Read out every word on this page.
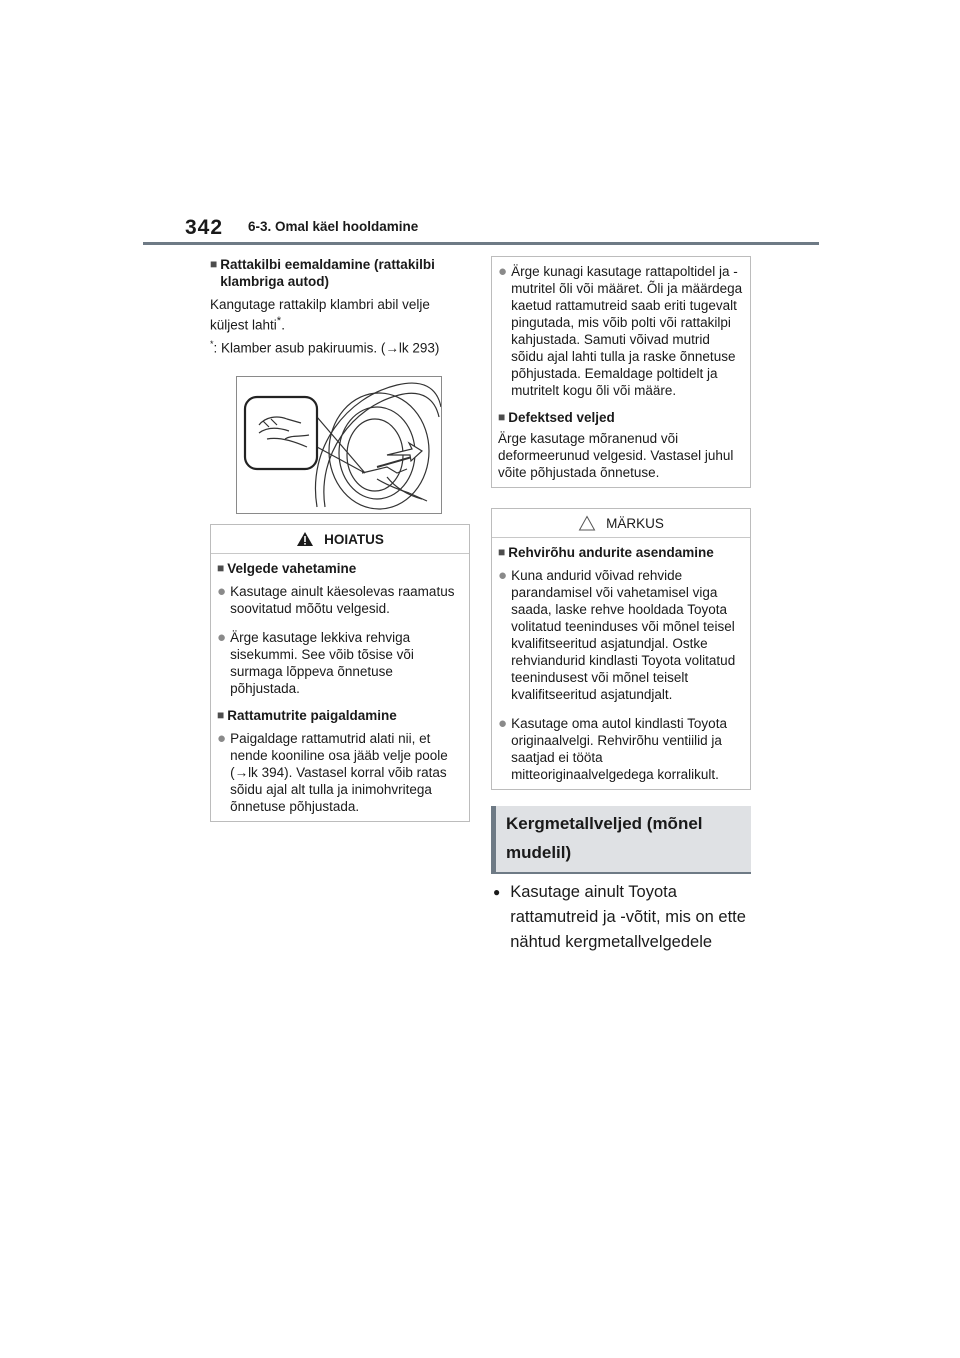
342 6-3. Omal käel hooldamine
■ Rattakilbi eemaldamine (rattakilbi klambriga autod)

Kangutage rattakilp klambri abil velje küljest lahti*.

*: Klamber asub pakiruumis. (→lk 293)
HOIATUS
■ Velgede vahetamine
● Kasutage ainult käesolevas raamatus soovitatud mõõtu velgesid.
● Ärge kasutage lekkiva rehviga sisekummi. See võib tõsise või surmaga lõppeva õnnetuse põhjustada.
■ Rattamutrite paigaldamine
● Paigaldage rattamutrid alati nii, et nende kooniline osa jääb velje poole (→lk 394). Vastasel korral võib ratas sõidu ajal alt tulla ja inimohvritega õnnetuse põhjustada.
● Ärge kunagi kasutage rattapoltidel ja -mutritel õli või määret. Õli ja määrdega kaetud rattamutreid saab eriti tugevalt pingutada, mis võib polti või rattakilpi kahjustada. Samuti võivad mutrid sõidu ajal lahti tulla ja raske õnnetuse põhjustada. Eemaldage poltidelt ja mutritelt kogu õli või määre.
■ Defektsed veljed

Ärge kasutage mõranenud või deformeerunud velgesid. Vastasel juhul võite põhjustada õnnetuse.

MÄRKUS
■ Rehvirõhu andurite asendamine
● Kuna andurid võivad rehvide parandamisel või vahetamisel viga saada, laske rehve hooldada Toyota volitatud teeninduses või mõnel teisel kvalifitseeritud asjatundjal. Ostke rehviandurid kindlasti Toyota volitatud teenindusest või mõnel teiselt kvalifitseeritud asjatundjalt.
● Kasutage oma autol kindlasti Toyota originaalvelgi. Rehvirõhu ventiilid ja saatjad ei tööta mitteoriginaalvelgedega korralikult.
Kergmetallveljed (mõnel mudelil)
● Kasutage ainult Toyota rattamutreid ja -võtit, mis on ette nähtud kergmetallvelgedele
